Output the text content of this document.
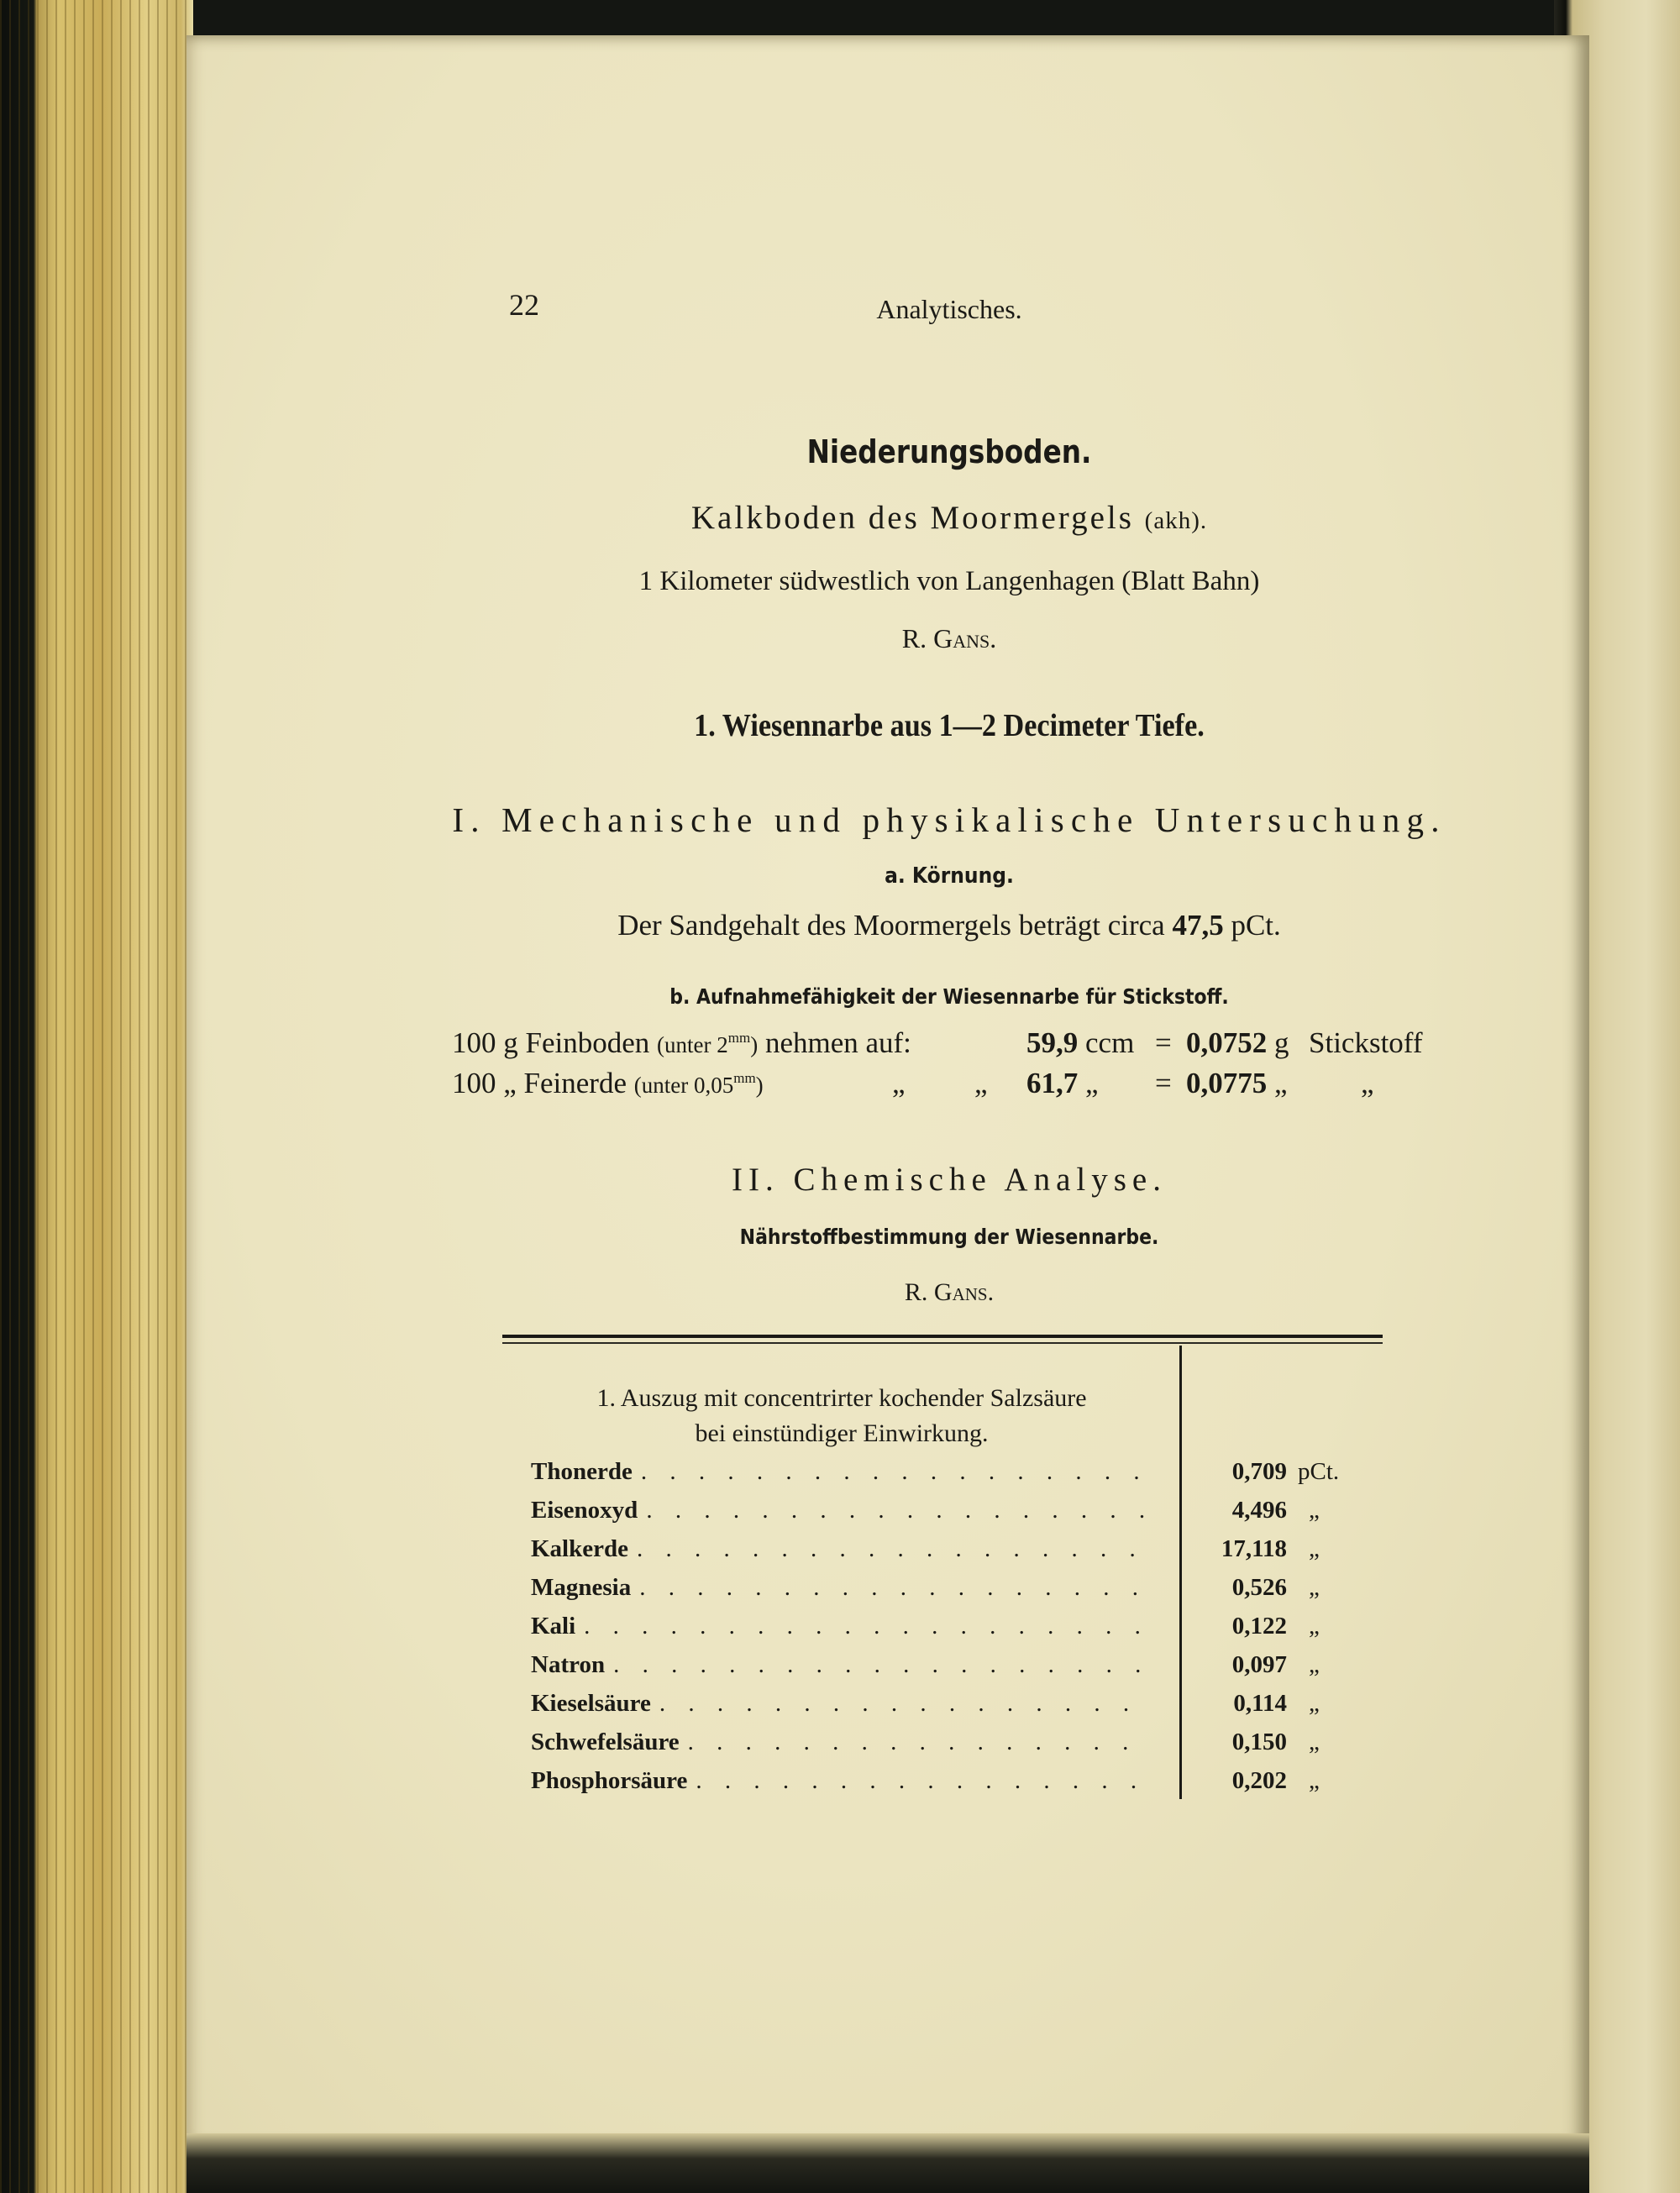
22	Analytisches.
Niederungsboden.
Kalkboden des Moormergels (akh).
1 Kilometer südwestlich von Langenhagen (Blatt Bahn)
R. Gans.
1. Wiesennarbe aus 1—2 Decimeter Tiefe.
I. Mechanische und physikalische Untersuchung.
a. Körnung.
Der Sandgehalt des Moormergels beträgt circa 47,5 pCt.
b. Aufnahmefähigkeit der Wiesennarbe für Stickstoff.
100 g Feinboden (unter $2^{mm}$) nehmen auf:	59,9 ccm = 0,0752 g Stickstoff
100 „ Feinerde (unter $0,05^{mm}$)	„ „ 61,7 „ = 0,0775 „ „
II. Chemische Analyse.
Nährstoffbestimmung der Wiesennarbe.
R. Gans.
1. Auszug mit concentrirter kochender Salzsäure
bei einstündiger Einwirkung.
Thonerde . . .	0,709 pCt.
Eisenoxyd . . .	4,496 „
Kalkerde . . .	17,118 „
Magnesia . . .	0,526 „
Kali . . .	0,122 „
Natron . . .	0,097 „
Kieselsäure . . .	0,114 „
Schwefelsäure . . .	0,150 „
Phosphorsäure . . .	0,202 „
